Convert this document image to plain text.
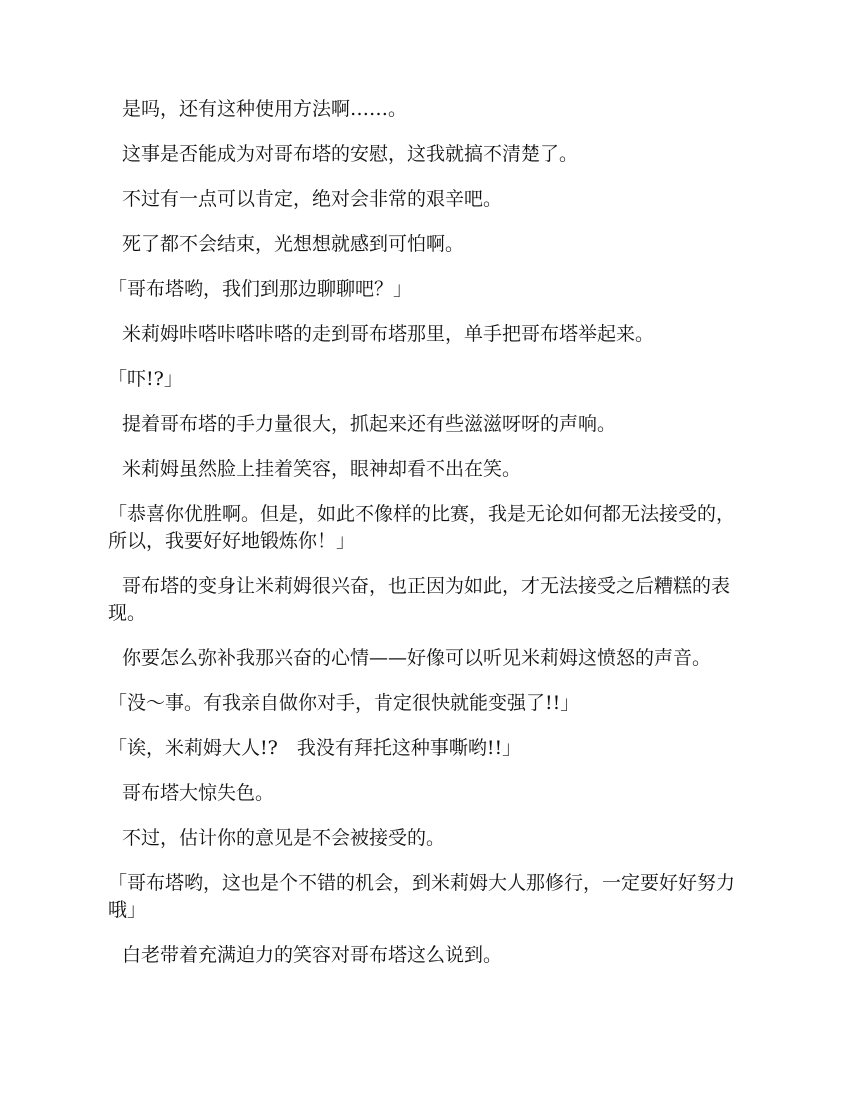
是吗，还有这种使用方法啊……。

这事是否能成为对哥布塔的安慰，这我就搞不清楚了。

不过有一点可以肯定，绝对会非常的艰辛吧。

死了都不会结束，光想想就感到可怕啊。

「哥布塔哟，我们到那边聊聊吧？」

米莉姆咔嗒咔嗒咔嗒的走到哥布塔那里，单手把哥布塔举起来。

「吓!?」

提着哥布塔的手力量很大，抓起来还有些滋滋呀呀的声响。

米莉姆虽然脸上挂着笑容，眼神却看不出在笑。

「恭喜你优胜啊。但是，如此不像样的比赛，我是无论如何都无法接受的，所以，我要好好地锻炼你！」

哥布塔的变身让米莉姆很兴奋，也正因为如此，才无法接受之后糟糕的表现。

你要怎么弥补我那兴奋的心情——好像可以听见米莉姆这愤怒的声音。

「没～事。有我亲自做你对手，肯定很快就能变强了!!」

「诶，米莉姆大人!?　我没有拜托这种事嘶哟!!」

哥布塔大惊失色。

不过，估计你的意见是不会被接受的。

「哥布塔哟，这也是个不错的机会，到米莉姆大人那修行，一定要好好努力哦」

白老带着充满迫力的笑容对哥布塔这么说到。
